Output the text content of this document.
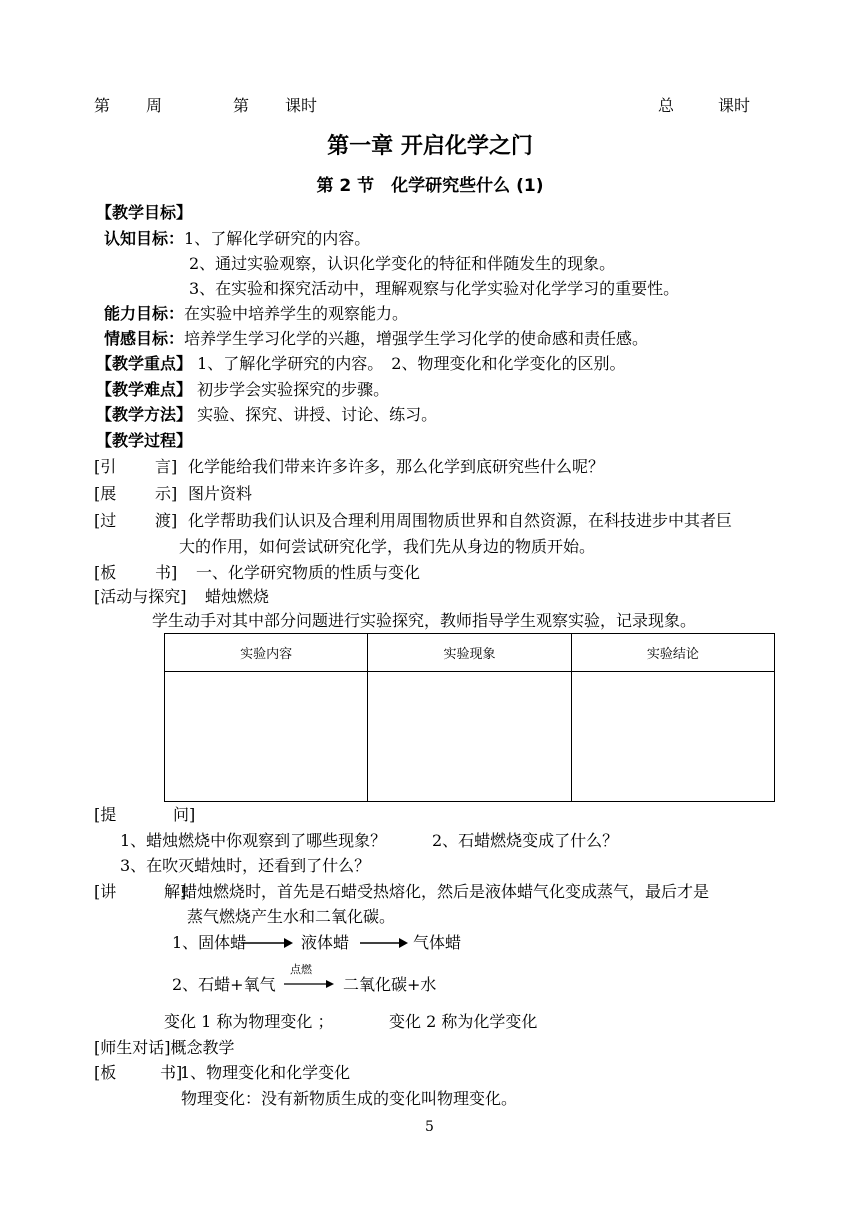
第 周	第 课时	总	课时
第一章 开启化学之门
第 2 节　化学研究些什么 (1)
【教学目标】
认知目标：1、了解化学研究的内容。
2、通过实验观察，认识化学变化的特征和伴随发生的现象。
3、在实验和探究活动中，理解观察与化学实验对化学学习的重要性。
能力目标：在实验中培养学生的观察能力。
情感目标：培养学生学习化学的兴趣，增强学生学习化学的使命感和责任感。
【教学重点】 1、了解化学研究的内容。　2、物理变化和化学变化的区别。
【教学难点】 初步学会实验探究的步骤。
【教学方法】 实验、探究、讲授、讨论、练习。
【教学过程】
[引 言] 化学能给我们带来许多许多，那么化学到底研究些什么呢？
[展 示] 图片资料
[过 渡] 化学帮助我们认识及合理利用周围物质世界和自然资源，在科技进步中其者巨
大的作用，如何尝试研究化学，我们先从身边的物质开始。
[板 书] 一、化学研究物质的性质与变化
[活动与探究] 蜡烛燃烧
学生动手对其中部分问题进行实验探究，教师指导学生观察实验，记录现象。
实验内容	实验现象	实验结论

[提	问]
1、蜡烛燃烧中你观察到了哪些现象？	2、石蜡燃烧变成了什么？
3、在吹灭蜡烛时，还看到了什么？
[讲	解]
蜡烛燃烧时，首先是石蜡受热熔化，然后是液体蜡气化变成蒸气，最后才是
蒸气燃烧产生水和二氧化碳。
1、固体蜡	液体蜡	气体蜡
2、石蜡+氧气
点燃
→ 二氧化碳+水
变化 1 称为物理变化 ；	变化 2 称为化学变化
[师生对话]概念教学
[板	书]
1、物理变化和化学变化
物理变化：没有新物质生成的变化叫物理变化。
5
